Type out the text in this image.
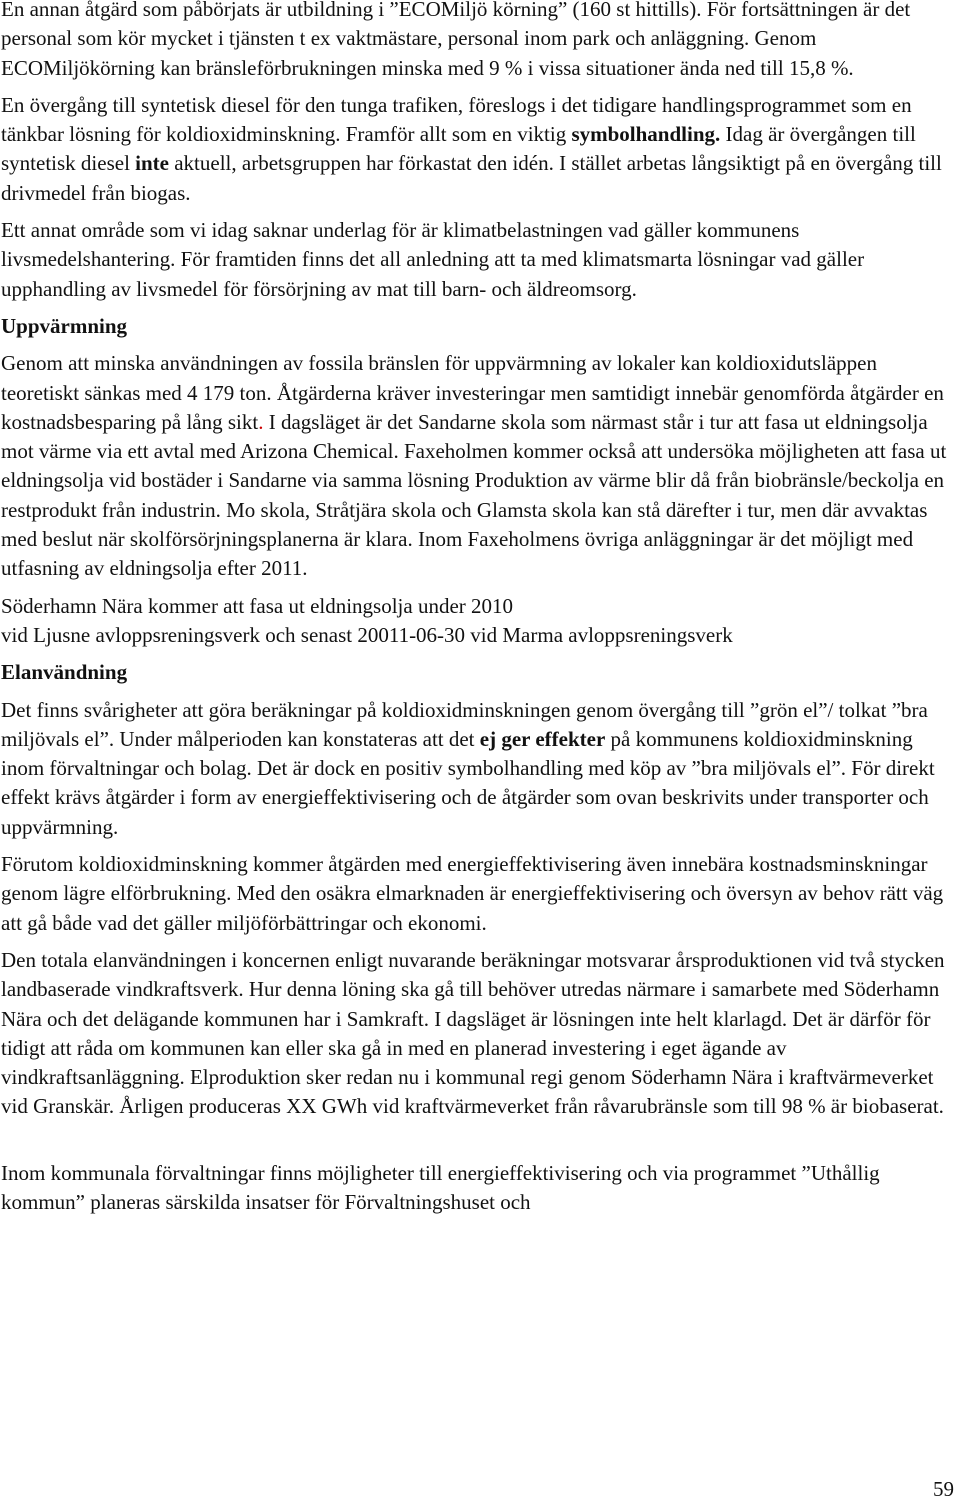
En annan åtgärd som påbörjats är utbildning i ”ECOMiljö körning” (160 st hittills). För fortsättningen är det personal som kör mycket i tjänsten t ex vaktmästare, personal inom park och anläggning. Genom ECOMiljökörning kan bränsleförbrukningen minska med 9 % i vissa situationer ända ned till 15,8 %.

En övergång till syntetisk diesel för den tunga trafiken, föreslogs i det tidigare handlingsprogrammet som en tänkbar lösning för koldioxidminskning. Framför allt som en viktig symbolhandling. Idag är övergången till syntetisk diesel inte aktuell, arbetsgruppen har förkastat den idén. I stället arbetas långsiktigt på en övergång till drivmedel från biogas.

Ett annat område som vi idag saknar underlag för är klimatbelastningen vad gäller kommunens livsmedelshantering. För framtiden finns det all anledning att ta med klimatsmarta lösningar vad gäller upphandling av livsmedel för försörjning av mat till barn- och äldreomsorg.

Uppvärmning

Genom att minska användningen av fossila bränslen för uppvärmning av lokaler kan koldioxidutsläppen teoretiskt sänkas med 4 179 ton. Åtgärderna kräver investeringar men samtidigt innebär genomförda åtgärder en kostnadsbesparing på lång sikt. I dagsläget är det Sandarne skola som närmast står i tur att fasa ut eldningsolja mot värme via ett avtal med Arizona Chemical. Faxeholmen kommer också att undersöka möjligheten att fasa ut eldningsolja vid bostäder i Sandarne via samma lösning Produktion av värme blir då från biobränsle/beckolja en restprodukt från industrin. Mo skola, Stråtjära skola och Glamsta skola kan stå därefter i tur, men där avvaktas med beslut när skolförsörjningsplanerna är klara. Inom Faxeholmens övriga anläggningar är det möjligt med utfasning av eldningsolja efter 2011.

Söderhamn Nära kommer att fasa ut eldningsolja under 2010
vid Ljusne avloppsreningsverk och senast 20011-06-30 vid Marma avloppsreningsverk

Elanvändning

Det finns svårigheter att göra beräkningar på koldioxidminskningen genom övergång till ”grön el”/ tolkat ”bra miljövals el”. Under målperioden kan konstateras att det ej ger effekter på kommunens koldioxidminskning inom förvaltningar och bolag. Det är dock en positiv symbolhandling med köp av ”bra miljövals el”. För direkt effekt krävs åtgärder i form av energieffektivisering och de åtgärder som ovan beskrivits under transporter och uppvärmning.

Förutom koldioxidminskning kommer åtgärden med energieffektivisering även innebära kostnadsminskningar genom lägre elförbrukning. Med den osäkra elmarknaden är energieffektivisering och översyn av behov rätt väg att gå både vad det gäller miljöförbättringar och ekonomi.

Den totala elanvändningen i koncernen enligt nuvarande beräkningar motsvarar årsproduktionen vid två stycken landbaserade vindkraftsverk. Hur denna löning ska gå till behöver utredas närmare i samarbete med Söderhamn Nära och det delägande kommunen har i Samkraft. I dagsläget är lösningen inte helt klarlagd. Det är därför för tidigt att råda om kommunen kan eller ska gå in med en planerad investering i eget ägande av vindkraftsanläggning. Elproduktion sker redan nu i kommunal regi genom Söderhamn Nära i kraftvärmeverket vid Granskär. Årligen produceras XX GWh vid kraftvärmeverket från råvarubränsle som till 98 % är biobaserat.

Inom kommunala förvaltningar finns möjligheter till energieffektivisering och via programmet ”Uthållig kommun” planeras särskilda insatser för Förvaltningshuset och

59
